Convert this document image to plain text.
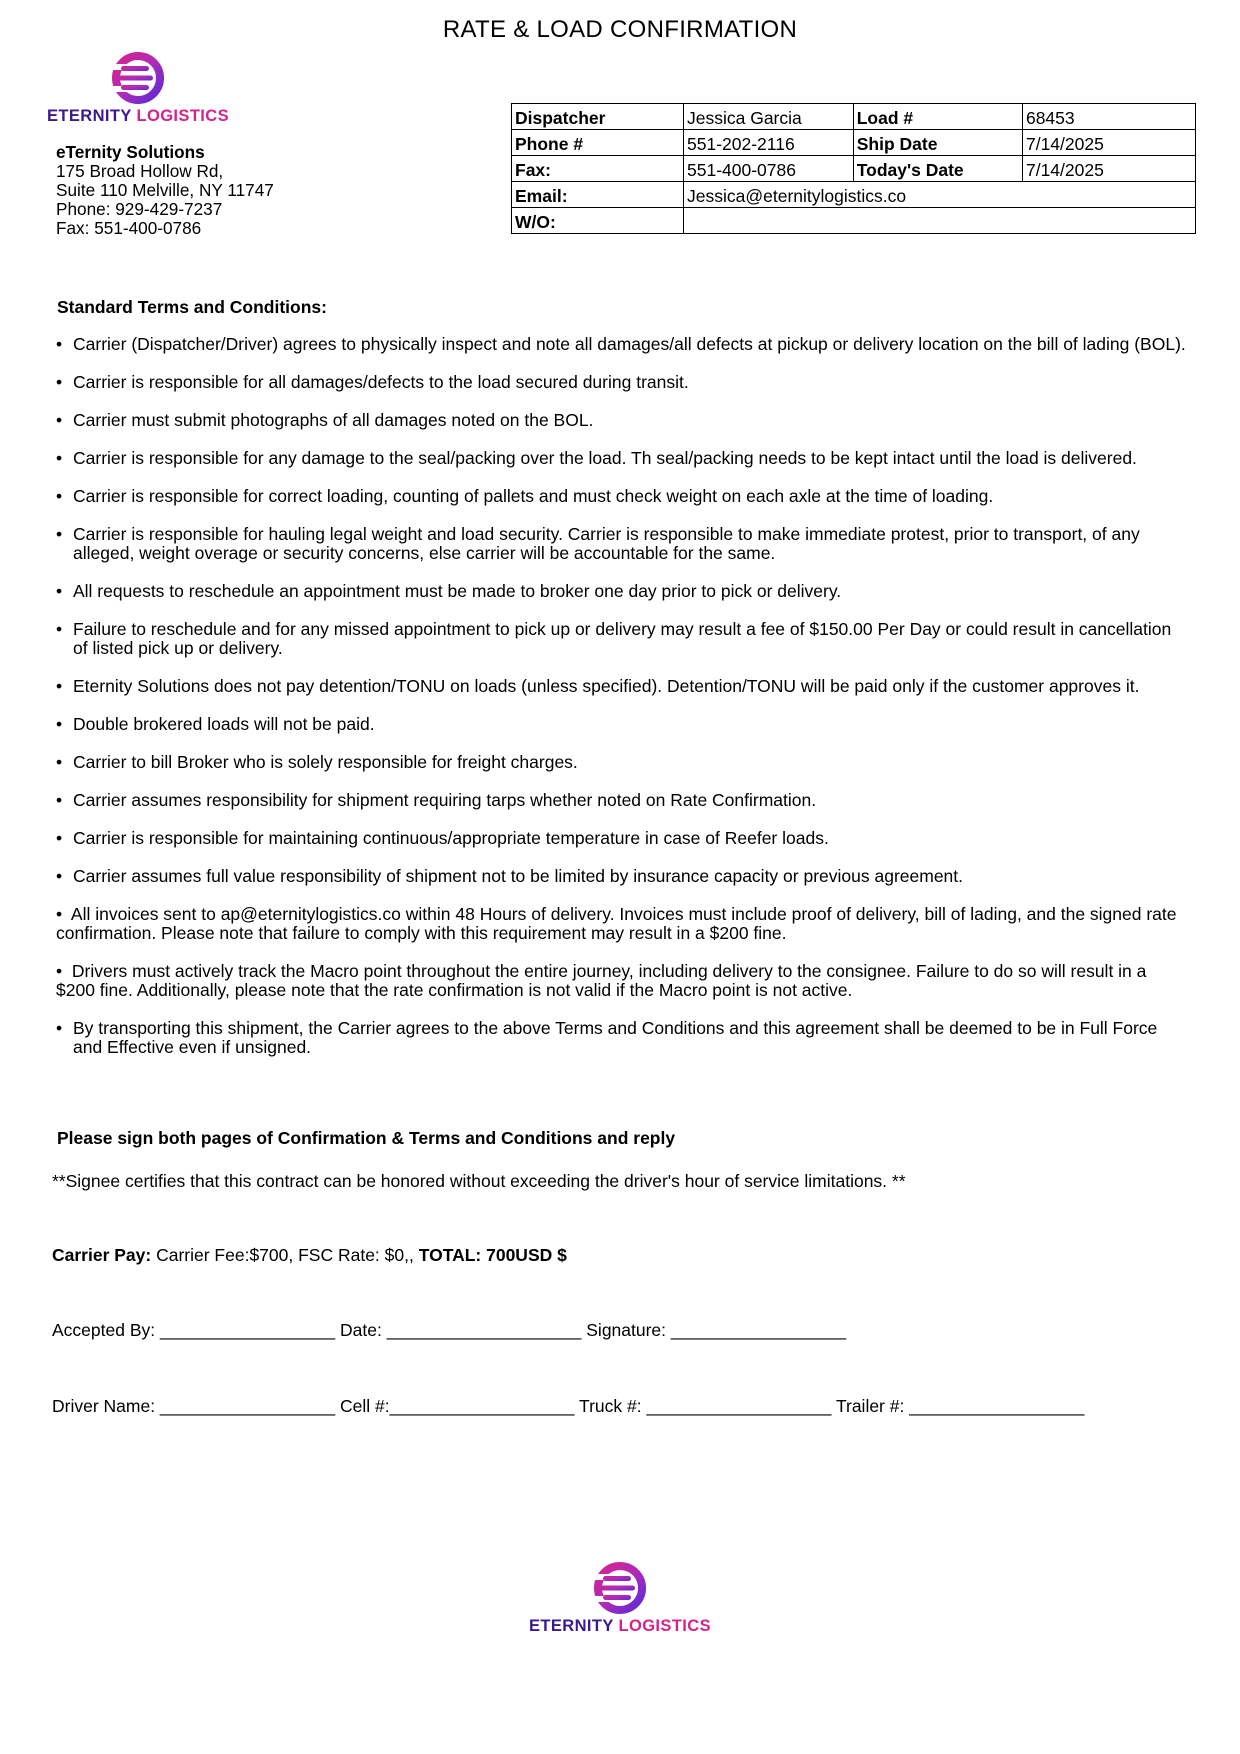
RATE & LOAD CONFIRMATION
ETERNITY LOGISTICS
eTernity Solutions
175 Broad Hollow Rd,
Suite 110 Melville, NY 11747
Phone: 929-429-7237
Fax: 551-400-0786
Dispatcher	Jessica Garcia	Load #	68453
Phone #	551-202-2116	Ship Date	7/14/2025
Fax:	551-400-0786	Today's Date	7/14/2025
Email:	Jessica@eternitylogistics.co		
W/O:			
Standard Terms and Conditions:
• Carrier (Dispatcher/Driver) agrees to physically inspect and note all damages/all defects at pickup or delivery location on the bill of lading (BOL).
• Carrier is responsible for all damages/defects to the load secured during transit.
• Carrier must submit photographs of all damages noted on the BOL.
• Carrier is responsible for any damage to the seal/packing over the load. Th seal/packing needs to be kept intact until the load is delivered.
• Carrier is responsible for correct loading, counting of pallets and must check weight on each axle at the time of loading.
• Carrier is responsible for hauling legal weight and load security. Carrier is responsible to make immediate protest, prior to transport, of any alleged, weight overage or security concerns, else carrier will be accountable for the same.
• All requests to reschedule an appointment must be made to broker one day prior to pick or delivery.
• Failure to reschedule and for any missed appointment to pick up or delivery may result a fee of $150.00 Per Day or could result in cancellation of listed pick up or delivery.
• Eternity Solutions does not pay detention/TONU on loads (unless specified). Detention/TONU will be paid only if the customer approves it.
• Double brokered loads will not be paid.
• Carrier to bill Broker who is solely responsible for freight charges.
• Carrier assumes responsibility for shipment requiring tarps whether noted on Rate Confirmation.
• Carrier is responsible for maintaining continuous/appropriate temperature in case of Reefer loads.
• Carrier assumes full value responsibility of shipment not to be limited by insurance capacity or previous agreement.
• All invoices sent to ap@eternitylogistics.co within 48 Hours of delivery. Invoices must include proof of delivery, bill of lading, and the signed rate confirmation. Please note that failure to comply with this requirement may result in a $200 fine.
• Drivers must actively track the Macro point throughout the entire journey, including delivery to the consignee. Failure to do so will result in a $200 fine. Additionally, please note that the rate confirmation is not valid if the Macro point is not active.
• By transporting this shipment, the Carrier agrees to the above Terms and Conditions and this agreement shall be deemed to be in Full Force and Effective even if unsigned.
Please sign both pages of Confirmation & Terms and Conditions and reply
**Signee certifies that this contract can be honored without exceeding the driver's hour of service limitations. **
Carrier Pay: Carrier Fee:$700, FSC Rate: $0,, TOTAL: 700USD $
Accepted By: __________________ Date: ____________________ Signature: __________________
Driver Name: __________________ Cell #:___________________ Truck #: ___________________ Trailer #: __________________
ETERNITY LOGISTICS
